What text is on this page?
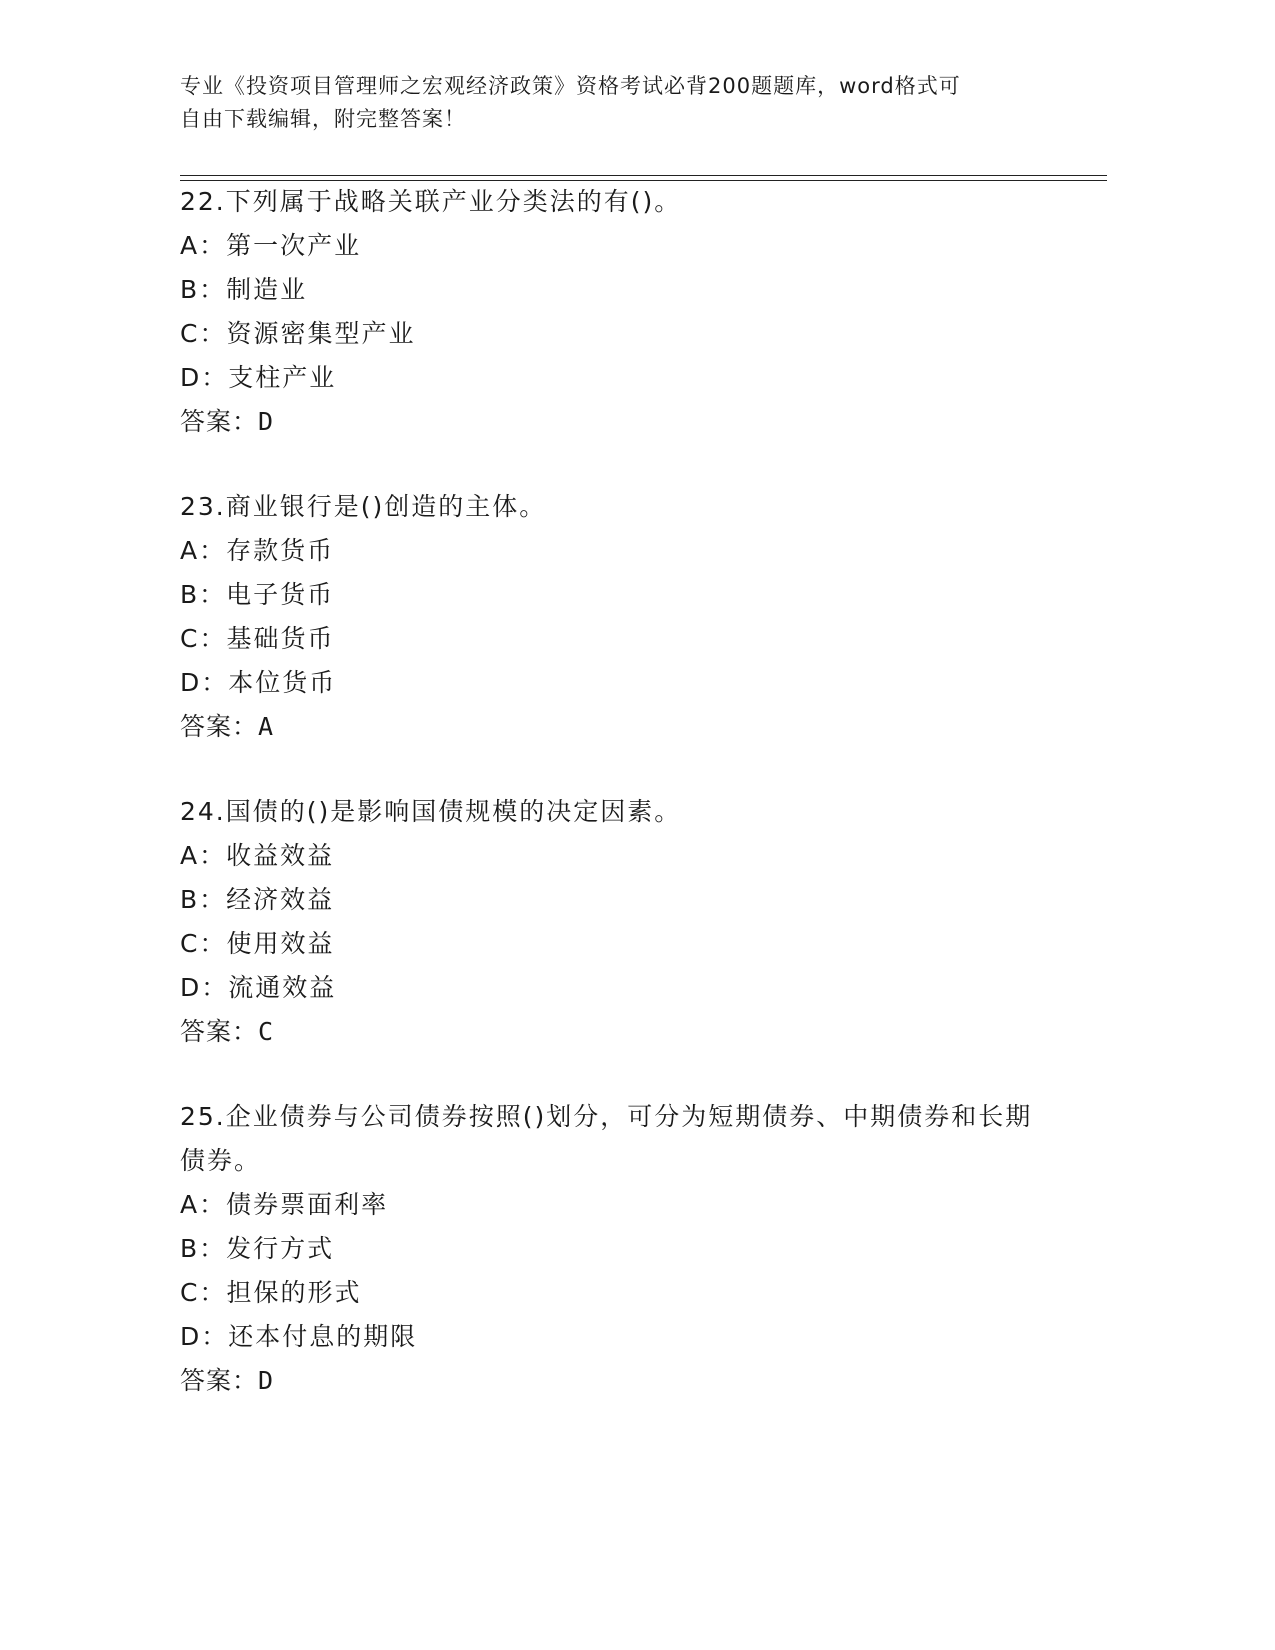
专业《投资项目管理师之宏观经济政策》资格考试必背200题题库，word格式可
自由下载编辑，附完整答案！

22.下列属于战略关联产业分类法的有()。

A：第一次产业

B：制造业

C：资源密集型产业

D：支柱产业

答案：D

23.商业银行是()创造的主体。

A：存款货币

B：电子货币

C：基础货币

D：本位货币

答案：A

24.国债的()是影响国债规模的决定因素。

A：收益效益

B：经济效益

C：使用效益

D：流通效益

答案：C

25.企业债券与公司债券按照()划分，可分为短期债券、中期债券和长期债券。

A：债券票面利率

B：发行方式

C：担保的形式

D：还本付息的期限

答案：D
